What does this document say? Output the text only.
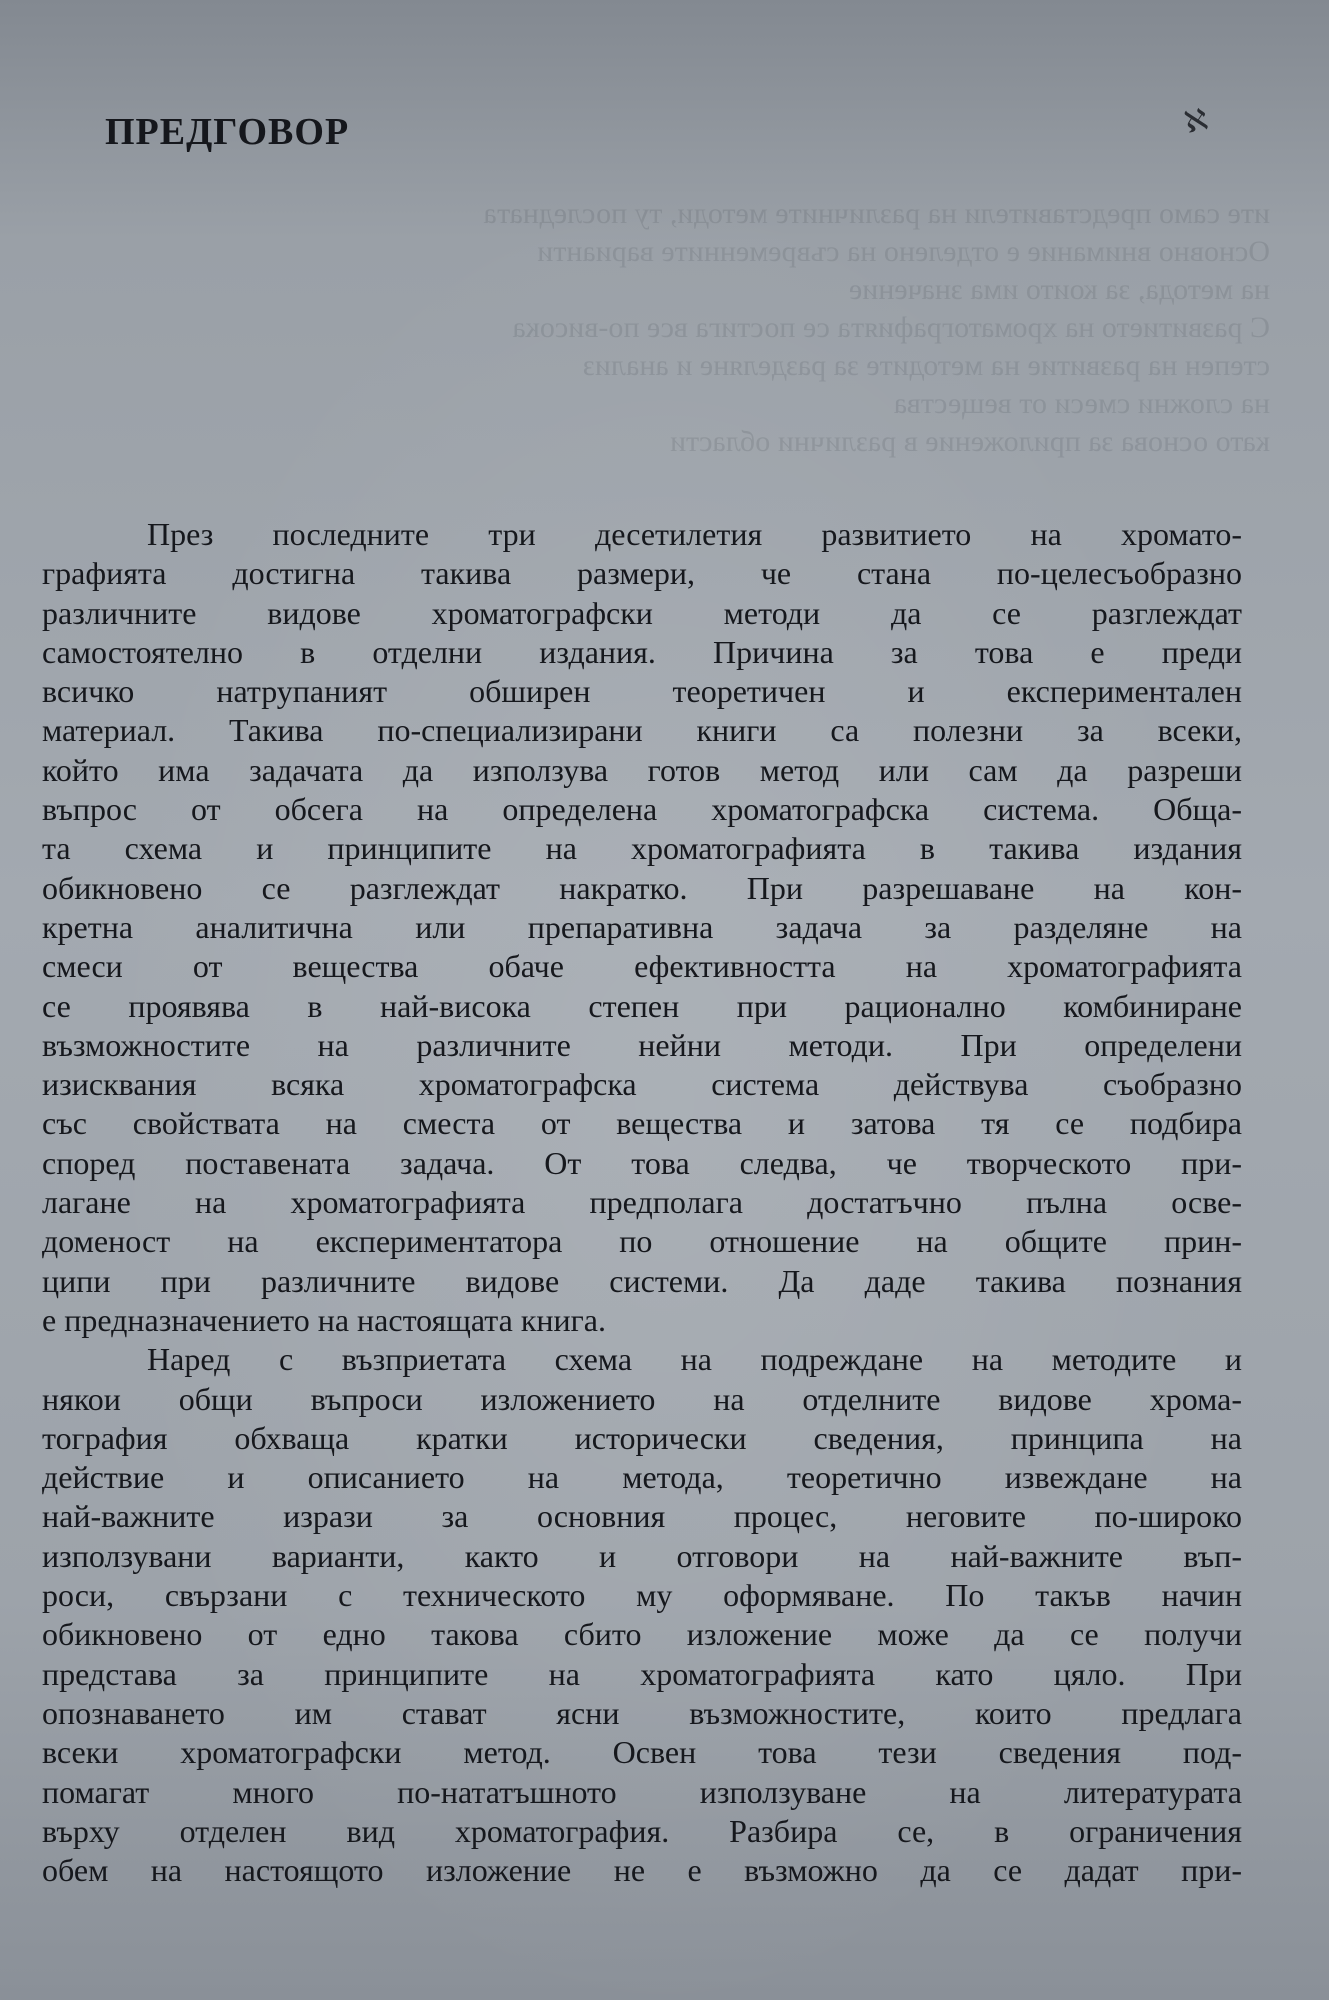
ите само представители на различните методи, ту последната
Основно внимание е отделено на съвременните варианти
на метода, за които има значение
С развитието на хроматографията се постига все по-висока
степен на развитие на методите за разделяне и анализ
на сложни смеси от вещества
като основа за приложение в различни области
ПРЕДГОВОР	ℵ
През последните три десетилетия развитието на хромато-
графията достигна такива размери, че стана по-целесъобразно
различните видове хроматографски методи да се разглеждат
самостоятелно в отделни издания. Причина за това е преди
всичко натрупаният обширен теоретичен и експериментален
материал. Такива по-специализирани книги са полезни за всеки,
който има задачата да използува готов метод или сам да разреши
въпрос от обсега на определена хроматографска система. Обща-
та схема и принципите на хроматографията в такива издания
обикновено се разглеждат накратко. При разрешаване на кон-
кретна аналитична или препаративна задача за разделяне на
смеси от вещества обаче ефективността на хроматографията
се проявява в най-висока степен при рационално комбиниране
възможностите на различните нейни методи. При определени
изисквания всяка хроматографска система действува съобразно
със свойствата на сместа от вещества и затова тя се подбира
според поставената задача. От това следва, че творческото при-
лагане на хроматографията предполага достатъчно пълна осве-
доменост на експериментатора по отношение на общите прин-
ципи при различните видове системи. Да даде такива познания
е предназначението на настоящата книга.
Наред с възприетата схема на подреждане на методите и
някои общи въпроси изложението на отделните видове хрома-
тография обхваща кратки исторически сведения, принципа на
действие и описанието на метода, теоретично извеждане на
най-важните изрази за основния процес, неговите по-широко
използувани варианти, както и отговори на най-важните въп-
роси, свързани с техническото му оформяване. По такъв начин
обикновено от едно такова сбито изложение може да се получи
представа за принципите на хроматографията като цяло. При
опознаването им стават ясни възможностите, които предлага
всеки хроматографски метод. Освен това тези сведения под-
помагат много по-нататъшното използуване на литературата
върху отделен вид хроматография. Разбира се, в ограничения
обем на настоящото изложение не е възможно да се дадат при-
